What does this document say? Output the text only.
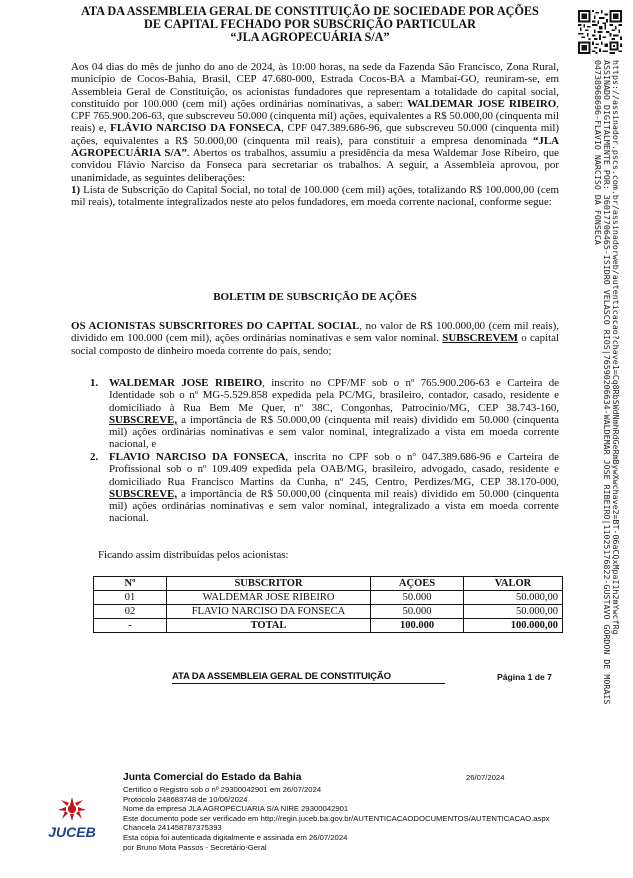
ATA DA ASSEMBLEIA GERAL DE CONSTITUIÇÃO DE SOCIEDADE POR AÇÕES
DE CAPITAL FECHADO POR SUBSCRIÇÃO PARTICULAR
“JLA AGROPECUÁRIA S/A”
https://assinador.pscs.com.br/assinadorweb/autenticacao?chave1=Cq8RbSWdNmhRdGeRmBywXwchave2=BT-06aCQxMpaI1h2mYwcfRg
ASSINADO DIGITALMENTE POR: 36017706465-ISIDRO VELASCO RIOS|76590206634-WALDEMAR JOSE RIBEIRO|11025176822-GUSTAVO GORDON DE MORAIS
04738968696-FLAVIO NARCISO DA FONSECA
Aos 04 dias do mês de junho do ano de 2024, às 10:00 horas, na sede da Fazenda São Francisco, Zona Rural, município de Cocos-Bahia, Brasil, CEP 47.680-000, Estrada Cocos-BA a Mambaí-GO, reuniram-se, em Assembleia Geral de Constituição, os acionistas fundadores que representam a totalidade do capital social, constituído por 100.000 (cem mil) ações ordinárias nominativas, a saber: WALDEMAR JOSE RIBEIRO, CPF 765.900.206-63, que subscreveu 50.000 (cinquenta mil) ações, equivalentes a R$ 50.000,00 (cinquenta mil reais) e, FLÁVIO NARCISO DA FONSECA, CPF 047.389.686-96, que subscreveu 50.000 (cinquenta mil) ações, equivalentes a R$ 50.000,00 (cinquenta mil reais), para constituir a empresa denominada “JLA AGROPECUÁRIA S/A”. Abertos os trabalhos, assumiu a presidência da mesa Waldemar Jose Ribeiro, que convidou Flávio Narciso da Fonseca para secretariar os trabalhos. A seguir, a Assembleia aprovou, por unanimidade, as seguintes deliberações:
1) Lista de Subscrição do Capital Social, no total de 100.000 (cem mil) ações, totalizando R$ 100.000,00 (cem mil reais), totalmente integralizados neste ato pelos fundadores, em moeda corrente nacional, conforme segue:
BOLETIM DE SUBSCRIÇÃO DE AÇÕES
OS ACIONISTAS SUBSCRITORES DO CAPITAL SOCIAL, no valor de R$ 100.000,00 (cem mil reais), dividido em 100.000 (cem mil), ações ordinárias nominativas e sem valor nominal. SUBSCREVEM o capital social composto de dinheiro moeda corrente do país, sendo;
1. WALDEMAR JOSE RIBEIRO, inscrito no CPF/MF sob o nº 765.900.206-63 e Carteira de Identidade sob o nº MG-5.529.858 expedida pela PC/MG, brasileiro, contador, casado, residente e domiciliado à Rua Bem Me Quer, nº 38C, Congonhas, Patrocinio/MG, CEP 38.743-160, SUBSCREVE, a importância de R$ 50.000,00 (cinquenta mil reais) dividido em 50.000 (cinquenta mil) ações ordinárias nominativas e sem valor nominal, integralizado a vista em moeda corrente nacional, e
2. FLAVIO NARCISO DA FONSECA, inscrita no CPF sob o nº 047.389.686-96 e Carteira de Profissional sob o nº 109.409 expedida pela OAB/MG, brasileiro, advogado, casado, residente e domiciliado Rua Francisco Martins da Cunha, nº 245, Centro, Perdizes/MG, CEP 38.170-000, SUBSCREVE, a importância de R$ 50.000,00 (cinquenta mil reais) dividido em 50.000 (cinquenta mil) ações ordinárias nominativas e sem valor nominal, integralizado a vista em moeda corrente nacional.
Ficando assim distribuídas pelos acionistas:
Nº	SUBSCRITOR	AÇOES	VALOR
01	WALDEMAR JOSE RIBEIRO	50.000	50.000,00
02	FLAVIO NARCISO DA FONSECA	50.000	50.000,00
-	TOTAL	100.000	100.000,00
ATA DA ASSEMBLEIA GERAL DE CONSTITUIÇÃO	Página 1 de 7
JUCEB
Junta Comercial do Estado da Bahia	26/07/2024
Certifico o Registro sob o nº 29300042901 em 26/07/2024
Protocolo 248683748 de 10/06/2024
Nome da empresa JLA AGROPECUARIA S/A NIRE 29300042901
Este documento pode ser verificado em http://regin.juceb.ba.gov.br/AUTENTICACAODOCUMENTOS/AUTENTICACAO.aspx
Chancela 241458787375393
Esta cópia foi autenticada digitalmente e assinada em 26/07/2024
por Bruno Mota Passos - Secretário-Geral
